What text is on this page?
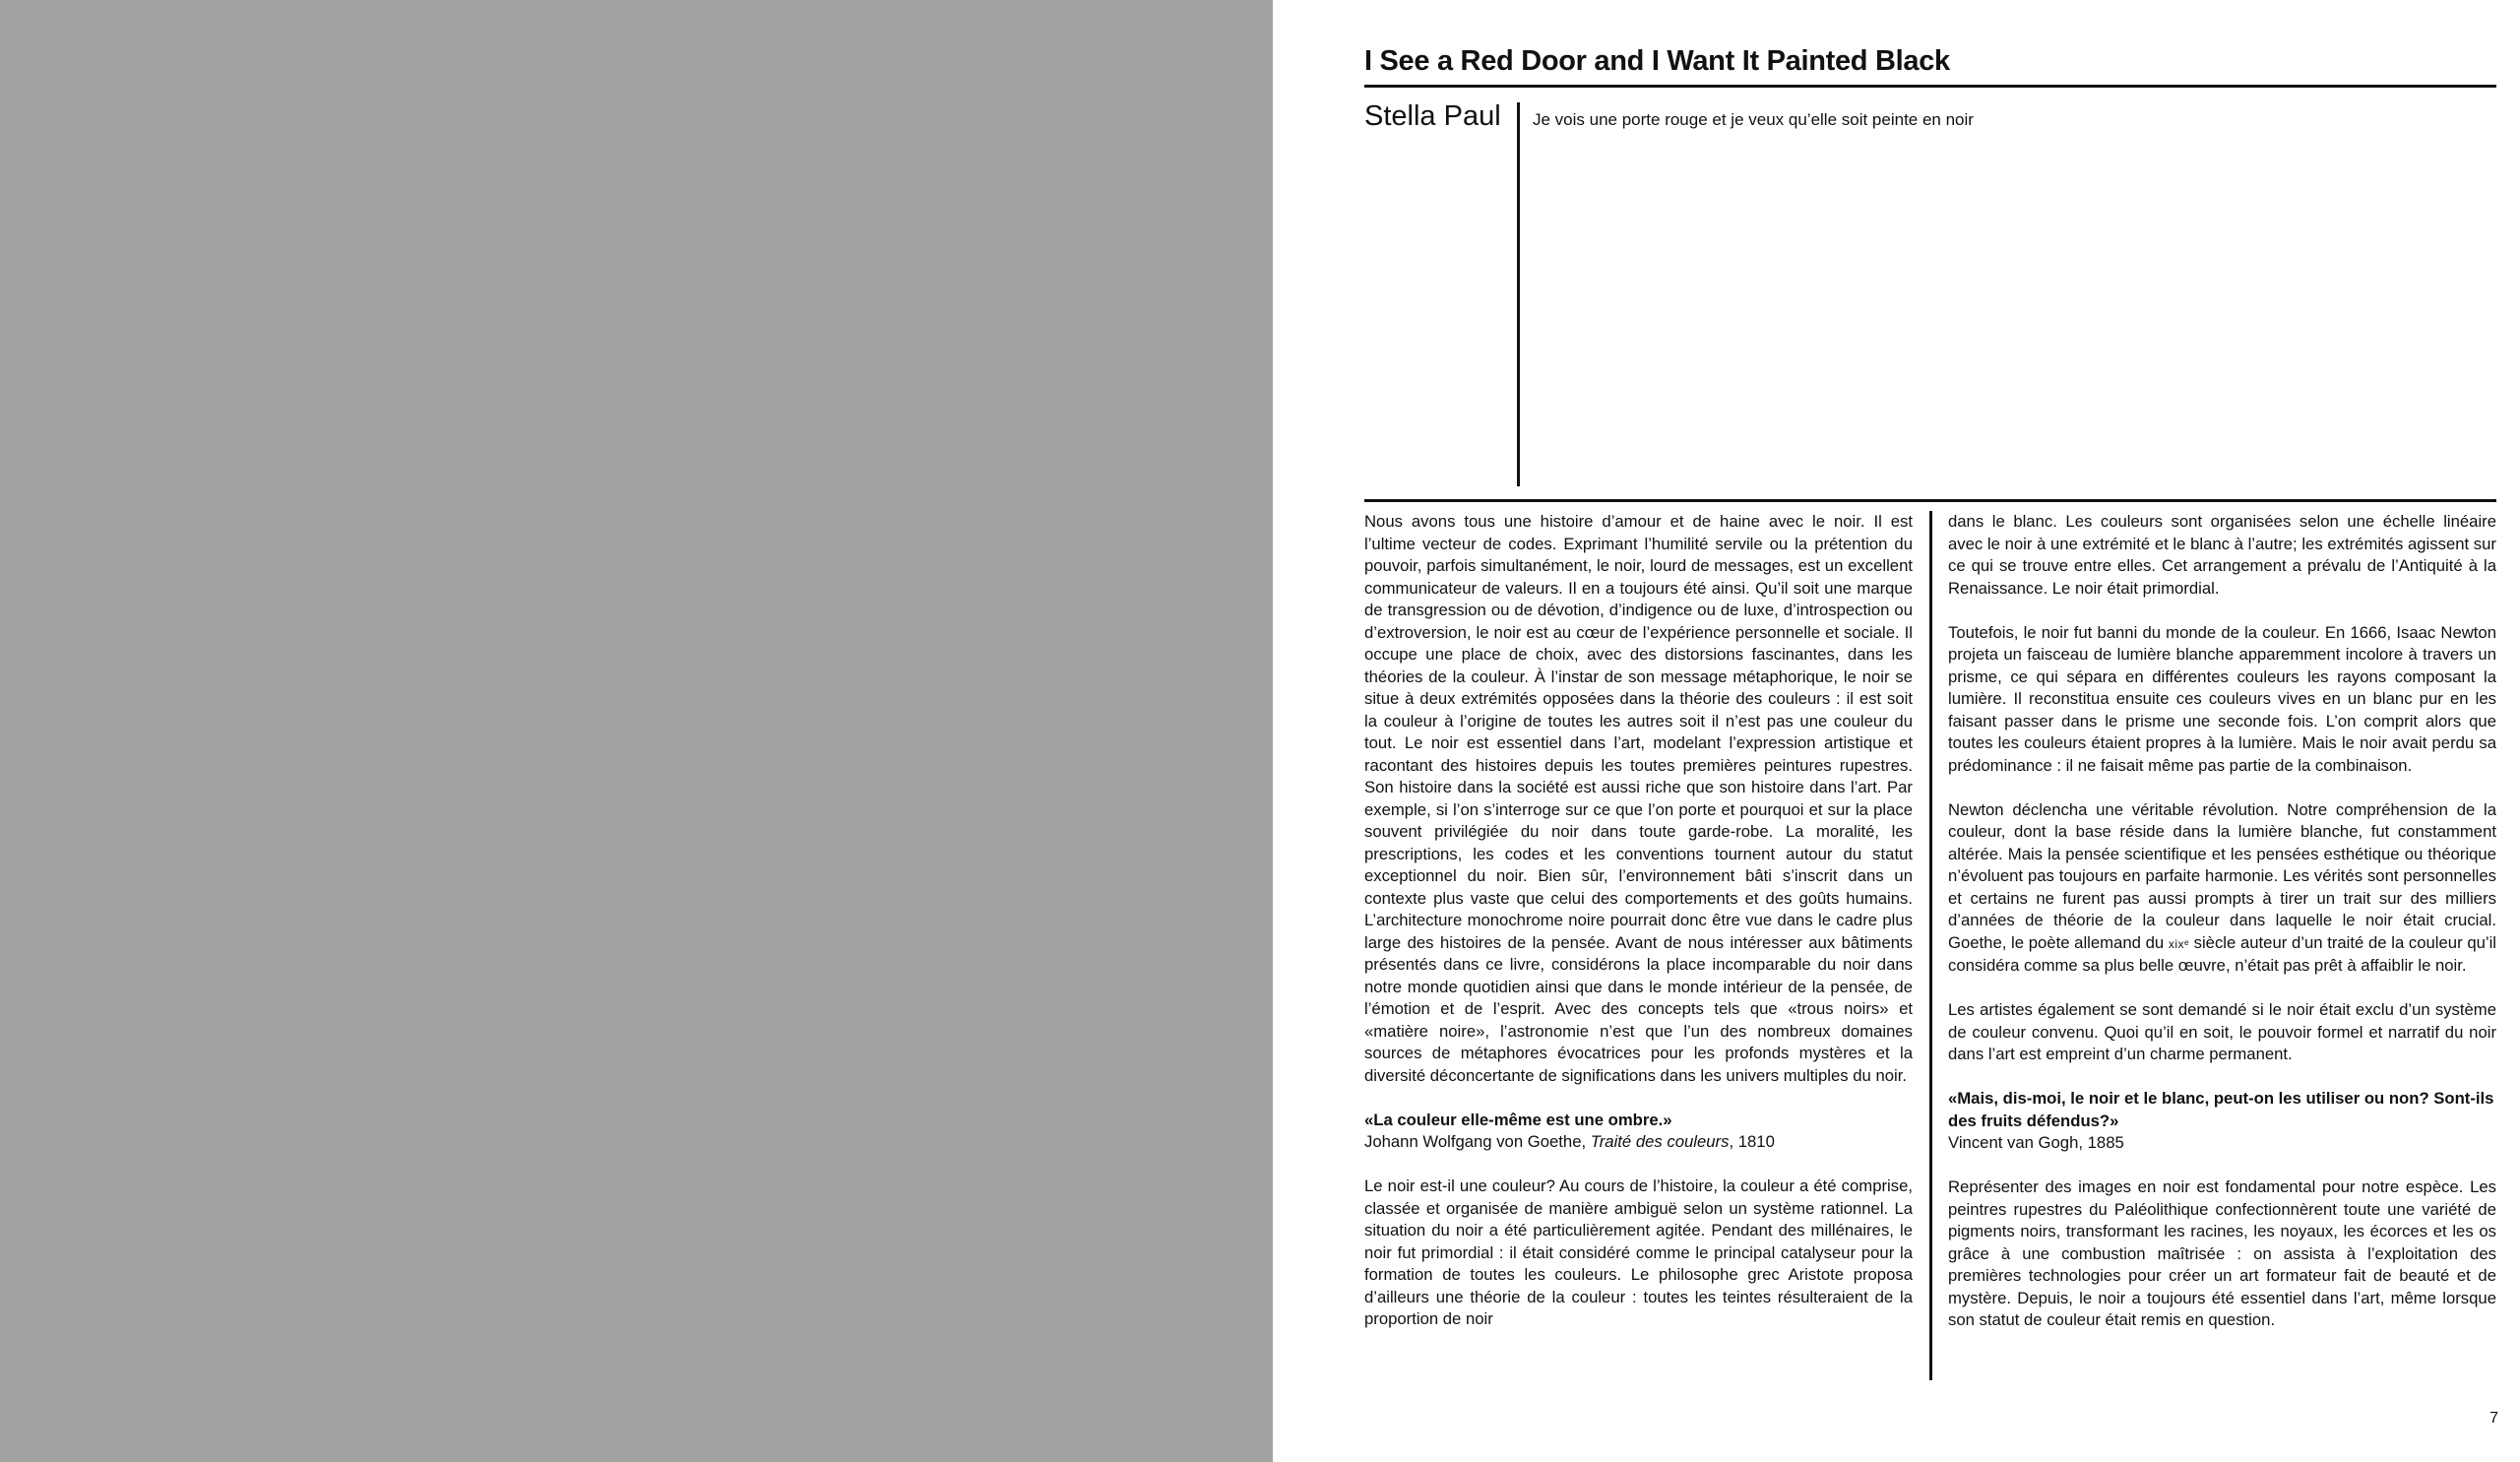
I See a Red Door and I Want It Painted Black
Stella Paul	Je vois une porte rouge et je veux qu’elle soit peinte en noir

Nous avons tous une histoire d’amour et de haine avec le noir. Il est l’ultime vecteur de codes. Exprimant l’humilité servile ou la prétention du pouvoir, parfois simultanément, le noir, lourd de messages, est un excellent communicateur de valeurs. Il en a toujours été ainsi. Qu’il soit une marque de transgression ou de dévotion, d’indigence ou de luxe, d’introspection ou d’extroversion, le noir est au cœur de l’expérience personnelle et sociale. Il occupe une place de choix, avec des distorsions fascinantes, dans les théories de la couleur. À l’instar de son message métaphorique, le noir se situe à deux extrémités opposées dans la théorie des couleurs : il est soit la couleur à l’origine de toutes les autres soit il n’est pas une couleur du tout. Le noir est essentiel dans l’art, modelant l’expression artistique et racontant des histoires depuis les toutes premières peintures rupestres. Son histoire dans la société est aussi riche que son histoire dans l’art. Par exemple, si l’on s’interroge sur ce que l’on porte et pourquoi et sur la place souvent privilégiée du noir dans toute garde-robe. La moralité, les prescriptions, les codes et les conventions tournent autour du statut exceptionnel du noir. Bien sûr, l’environnement bâti s’inscrit dans un contexte plus vaste que celui des comportements et des goûts humains. L’architecture monochrome noire pourrait donc être vue dans le cadre plus large des histoires de la pensée. Avant de nous intéresser aux bâtiments présentés dans ce livre, considérons la place incomparable du noir dans notre monde quotidien ainsi que dans le monde intérieur de la pensée, de l’émotion et de l’esprit. Avec des concepts tels que «trous noirs» et «matière noire», l’astronomie n’est que l’un des nombreux domaines sources de métaphores évocatrices pour les profonds mystères et la diversité déconcertante de significations dans les univers multiples du noir.

«La couleur elle-même est une ombre.»
Johann Wolfgang von Goethe, Traité des couleurs, 1810

Le noir est-il une couleur? Au cours de l’histoire, la couleur a été comprise, classée et organisée de manière ambiguë selon un système rationnel. La situation du noir a été particulièrement agitée. Pendant des millénaires, le noir fut primordial : il était considéré comme le principal catalyseur pour la formation de toutes les couleurs. Le philosophe grec Aristote proposa d’ailleurs une théorie de la couleur : toutes les teintes résulteraient de la proportion de noir

dans le blanc. Les couleurs sont organisées selon une échelle linéaire avec le noir à une extrémité et le blanc à l’autre; les extrémités agissent sur ce qui se trouve entre elles. Cet arrangement a prévalu de l’Antiquité à la Renaissance. Le noir était primordial.

Toutefois, le noir fut banni du monde de la couleur. En 1666, Isaac Newton projeta un faisceau de lumière blanche apparemment incolore à travers un prisme, ce qui sépara en différentes couleurs les rayons composant la lumière. Il reconstitua ensuite ces couleurs vives en un blanc pur en les faisant passer dans le prisme une seconde fois. L’on comprit alors que toutes les couleurs étaient propres à la lumière. Mais le noir avait perdu sa prédominance : il ne faisait même pas partie de la combinaison.

Newton déclencha une véritable révolution. Notre compréhension de la couleur, dont la base réside dans la lumière blanche, fut constamment altérée. Mais la pensée scientifique et les pensées esthétique ou théorique n’évoluent pas toujours en parfaite harmonie. Les vérités sont personnelles et certains ne furent pas aussi prompts à tirer un trait sur des milliers d’années de théorie de la couleur dans laquelle le noir était crucial. Goethe, le poète allemand du xixᵉ siècle auteur d’un traité de la couleur qu’il considéra comme sa plus belle œuvre, n’était pas prêt à affaiblir le noir.

Les artistes également se sont demandé si le noir était exclu d’un système de couleur convenu. Quoi qu’il en soit, le pouvoir formel et narratif du noir dans l’art est empreint d’un charme permanent.

«Mais, dis-moi, le noir et le blanc, peut-on les utiliser ou non? Sont-ils des fruits défendus?»
Vincent van Gogh, 1885

Représenter des images en noir est fondamental pour notre espèce. Les peintres rupestres du Paléolithique confectionnèrent toute une variété de pigments noirs, transformant les racines, les noyaux, les écorces et les os grâce à une combustion maîtrisée : on assista à l’exploitation des premières technologies pour créer un art formateur fait de beauté et de mystère. Depuis, le noir a toujours été essentiel dans l’art, même lorsque son statut de couleur était remis en question.

7
